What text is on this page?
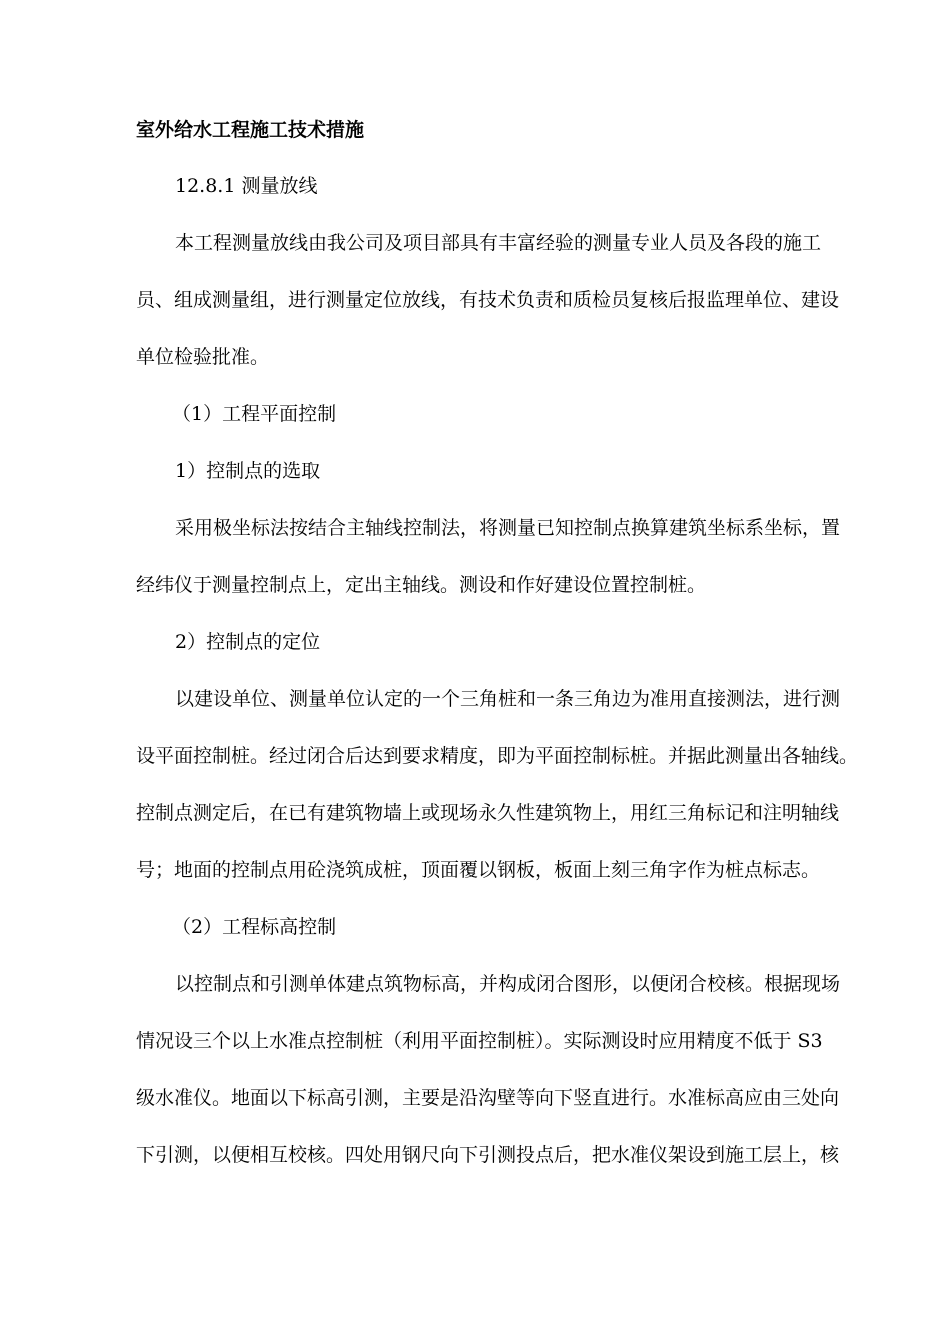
室外给水工程施工技术措施
12.8.1 测量放线
本工程测量放线由我公司及项目部具有丰富经验的测量专业人员及各段的施工
员、组成测量组，进行测量定位放线，有技术负责和质检员复核后报监理单位、建设
单位检验批准。
（1）工程平面控制
1）控制点的选取
采用极坐标法按结合主轴线控制法，将测量已知控制点换算建筑坐标系坐标，置
经纬仪于测量控制点上，定出主轴线。测设和作好建设位置控制桩。
2）控制点的定位
以建设单位、测量单位认定的一个三角桩和一条三角边为准用直接测法，进行测
设平面控制桩。经过闭合后达到要求精度，即为平面控制标桩。并据此测量出各轴线。
控制点测定后，在已有建筑物墙上或现场永久性建筑物上，用红三角标记和注明轴线
号；地面的控制点用砼浇筑成桩，顶面覆以钢板，板面上刻三角字作为桩点标志。
（2）工程标高控制
以控制点和引测单体建点筑物标高，并构成闭合图形，以便闭合校核。根据现场
情况设三个以上水准点控制桩（利用平面控制桩）。实际测设时应用精度不低于 S3
级水准仪。地面以下标高引测，主要是沿沟壁等向下竖直进行。水准标高应由三处向
下引测，以便相互校核。四处用钢尺向下引测投点后，把水准仪架设到施工层上，核
